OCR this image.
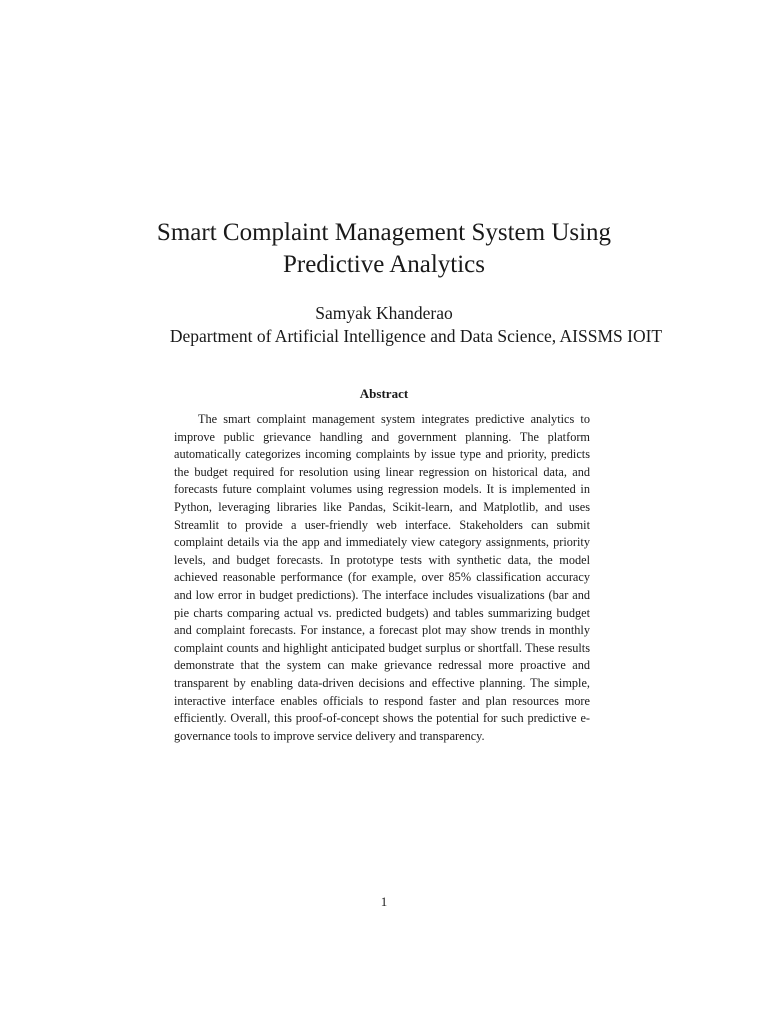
Smart Complaint Management System Using
Predictive Analytics

Samyak Khanderao

Department of Artificial Intelligence and Data Science, AISSMS IOIT

Abstract

The smart complaint management system integrates predictive analytics to improve public grievance handling and government planning. The platform automatically categorizes incoming complaints by issue type and priority, predicts the budget required for resolution using linear regression on historical data, and forecasts future complaint volumes using regression models. It is implemented in Python, leveraging libraries like Pandas, Scikit-learn, and Matplotlib, and uses Streamlit to provide a user-friendly web interface. Stakeholders can submit complaint details via the app and immediately view category assignments, priority levels, and budget forecasts. In prototype tests with synthetic data, the model achieved reasonable performance (for example, over 85% classification accuracy and low error in budget predictions). The interface includes visualizations (bar and pie charts comparing actual vs. predicted budgets) and tables summarizing budget and complaint forecasts. For instance, a forecast plot may show trends in monthly complaint counts and highlight anticipated budget surplus or shortfall. These results demonstrate that the system can make grievance redressal more proactive and transparent by enabling data-driven decisions and effective planning. The simple, interactive interface enables officials to respond faster and plan resources more efficiently. Overall, this proof-of-concept shows the potential for such predictive e-governance tools to improve service delivery and transparency.

1
